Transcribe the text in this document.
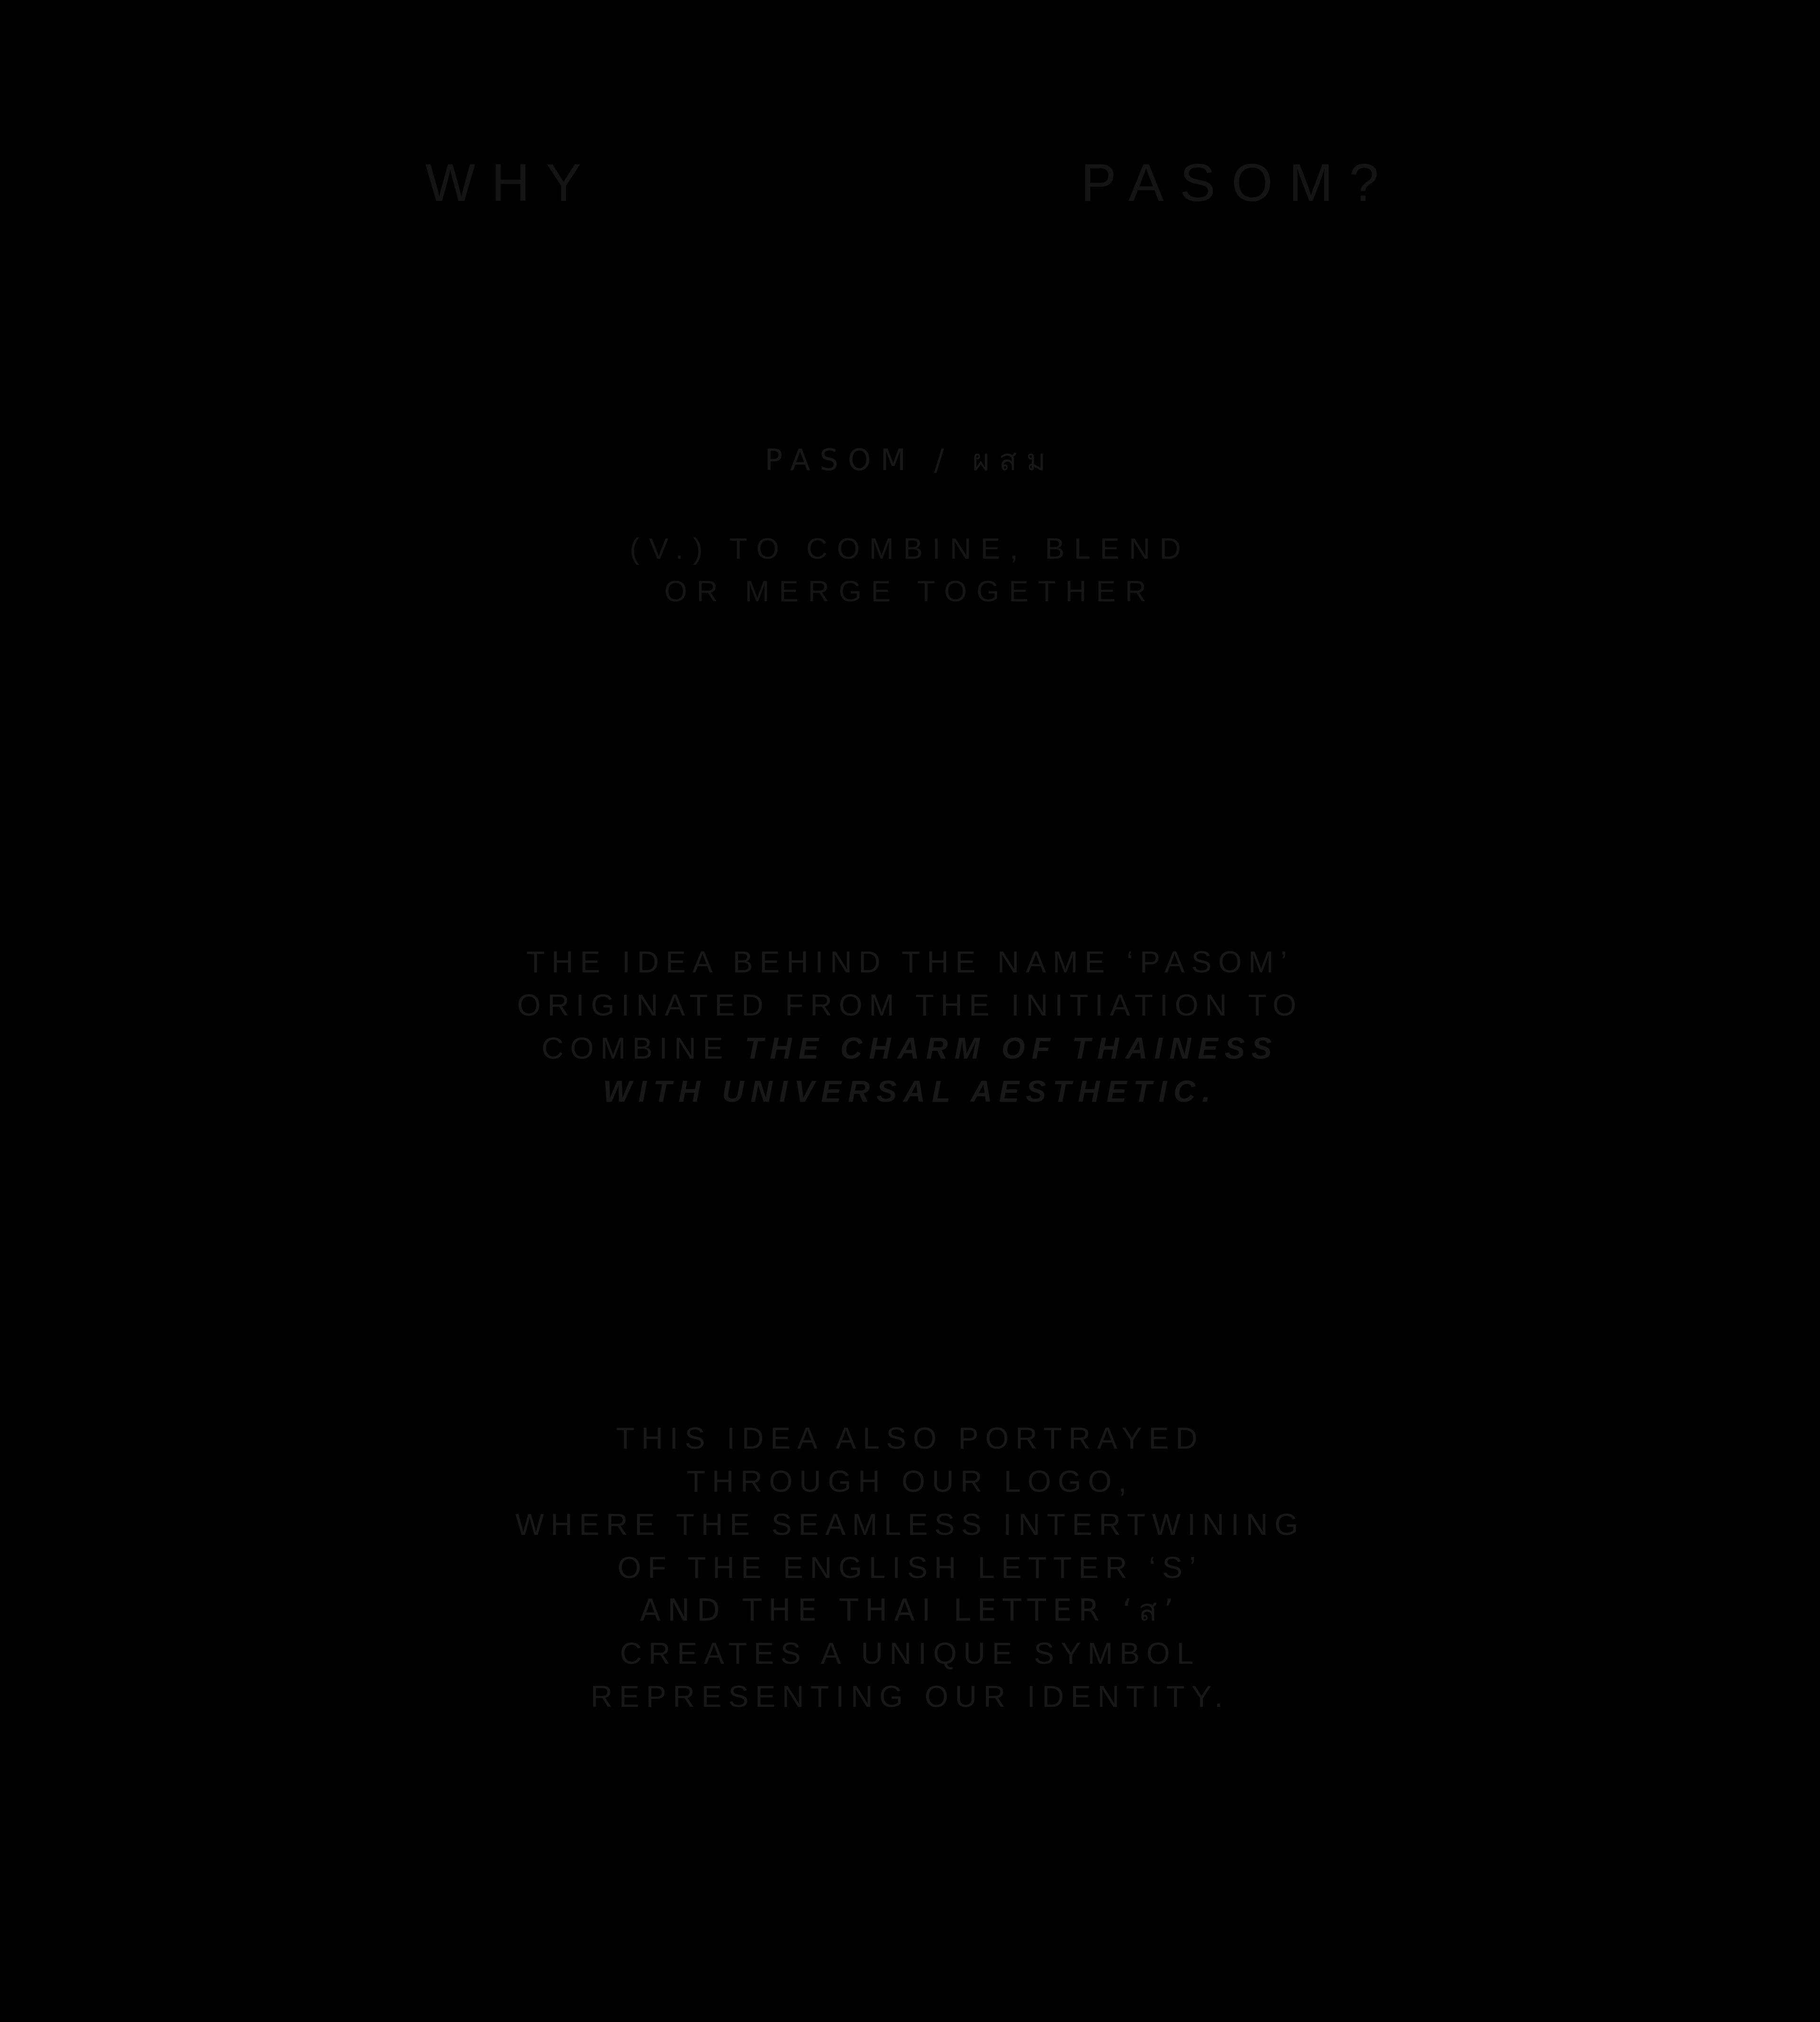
WHY	PASOM?
PASOM / ผสม
(V.) TO COMBINE, BLEND
OR MERGE TOGETHER
THE IDEA BEHIND THE NAME ‘PASOM’
ORIGINATED FROM THE INITIATION TO
COMBINE THE CHARM OF THAINESS
WITH UNIVERSAL AESTHETIC.
THIS IDEA ALSO PORTRAYED
THROUGH OUR LOGO,
WHERE THE SEAMLESS INTERTWINING
OF THE ENGLISH LETTER ‘S’
AND THE THAI LETTER ‘ส’
CREATES A UNIQUE SYMBOL
REPRESENTING OUR IDENTITY.
